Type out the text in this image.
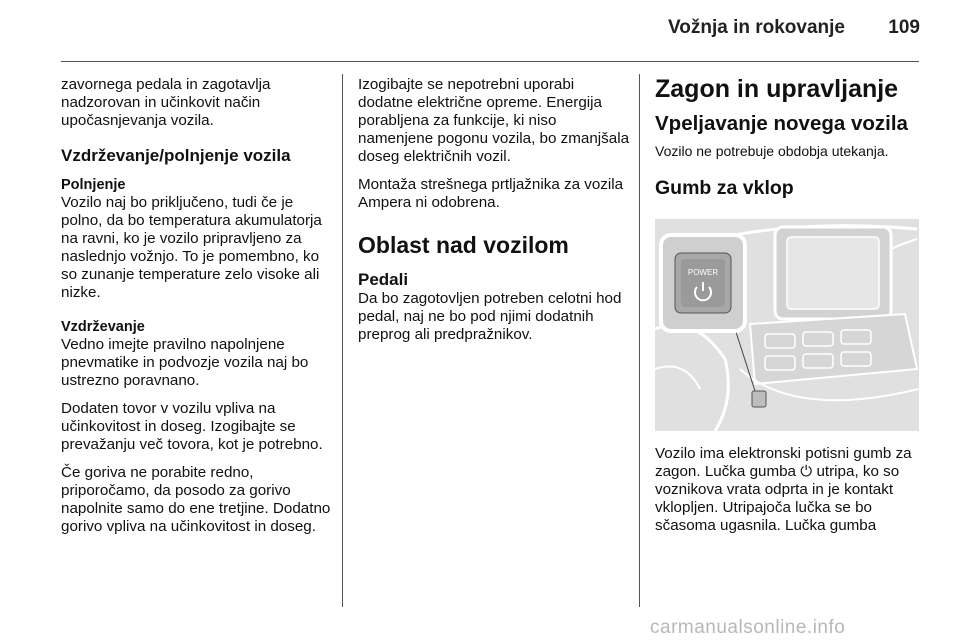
Vožnja in rokovanje	109

zavornega pedala in zagotavlja nadzorovan in učinkovit način upočasnjevanja vozila.

Vzdrževanje/polnjenje vozila
Polnjenje

Vozilo naj bo priključeno, tudi če je polno, da bo temperatura akumulatorja na ravni, ko je vozilo pripravljeno za naslednjo vožnjo. To je pomembno, ko so zunanje temperature zelo visoke ali nizke.

Vzdrževanje

Vedno imejte pravilno napolnjene pnevmatike in podvozje vozila naj bo ustrezno poravnano.

Dodaten tovor v vozilu vpliva na učinkovitost in doseg. Izogibajte se prevažanju več tovora, kot je potrebno.

Če goriva ne porabite redno, priporočamo, da posodo za gorivo napolnite samo do ene tretjine. Dodatno gorivo vpliva na učinkovitost in doseg.

Izogibajte se nepotrebni uporabi dodatne električne opreme. Energija porabljena za funkcije, ki niso namenjene pogonu vozila, bo zmanjšala doseg električnih vozil.

Montaža strešnega prtljažnika za vozila Ampera ni odobrena.

Oblast nad vozilom
Pedali

Da bo zagotovljen potreben celotni hod pedal, naj ne bo pod njimi dodatnih preprog ali predpražnikov.

Zagon in upravljanje
Vpeljavanje novega vozila
Vozilo ne potrebuje obdobja utekanja.
Gumb za vklop
POWER

Vozilo ima elektronski potisni gumb za zagon. Lučka gumba ⏻ utripa, ko so voznikova vrata odprta in je kontakt vklopljen. Utripajoča lučka se bo sčasoma ugasnila. Lučka gumba

carmanualsonline.info
